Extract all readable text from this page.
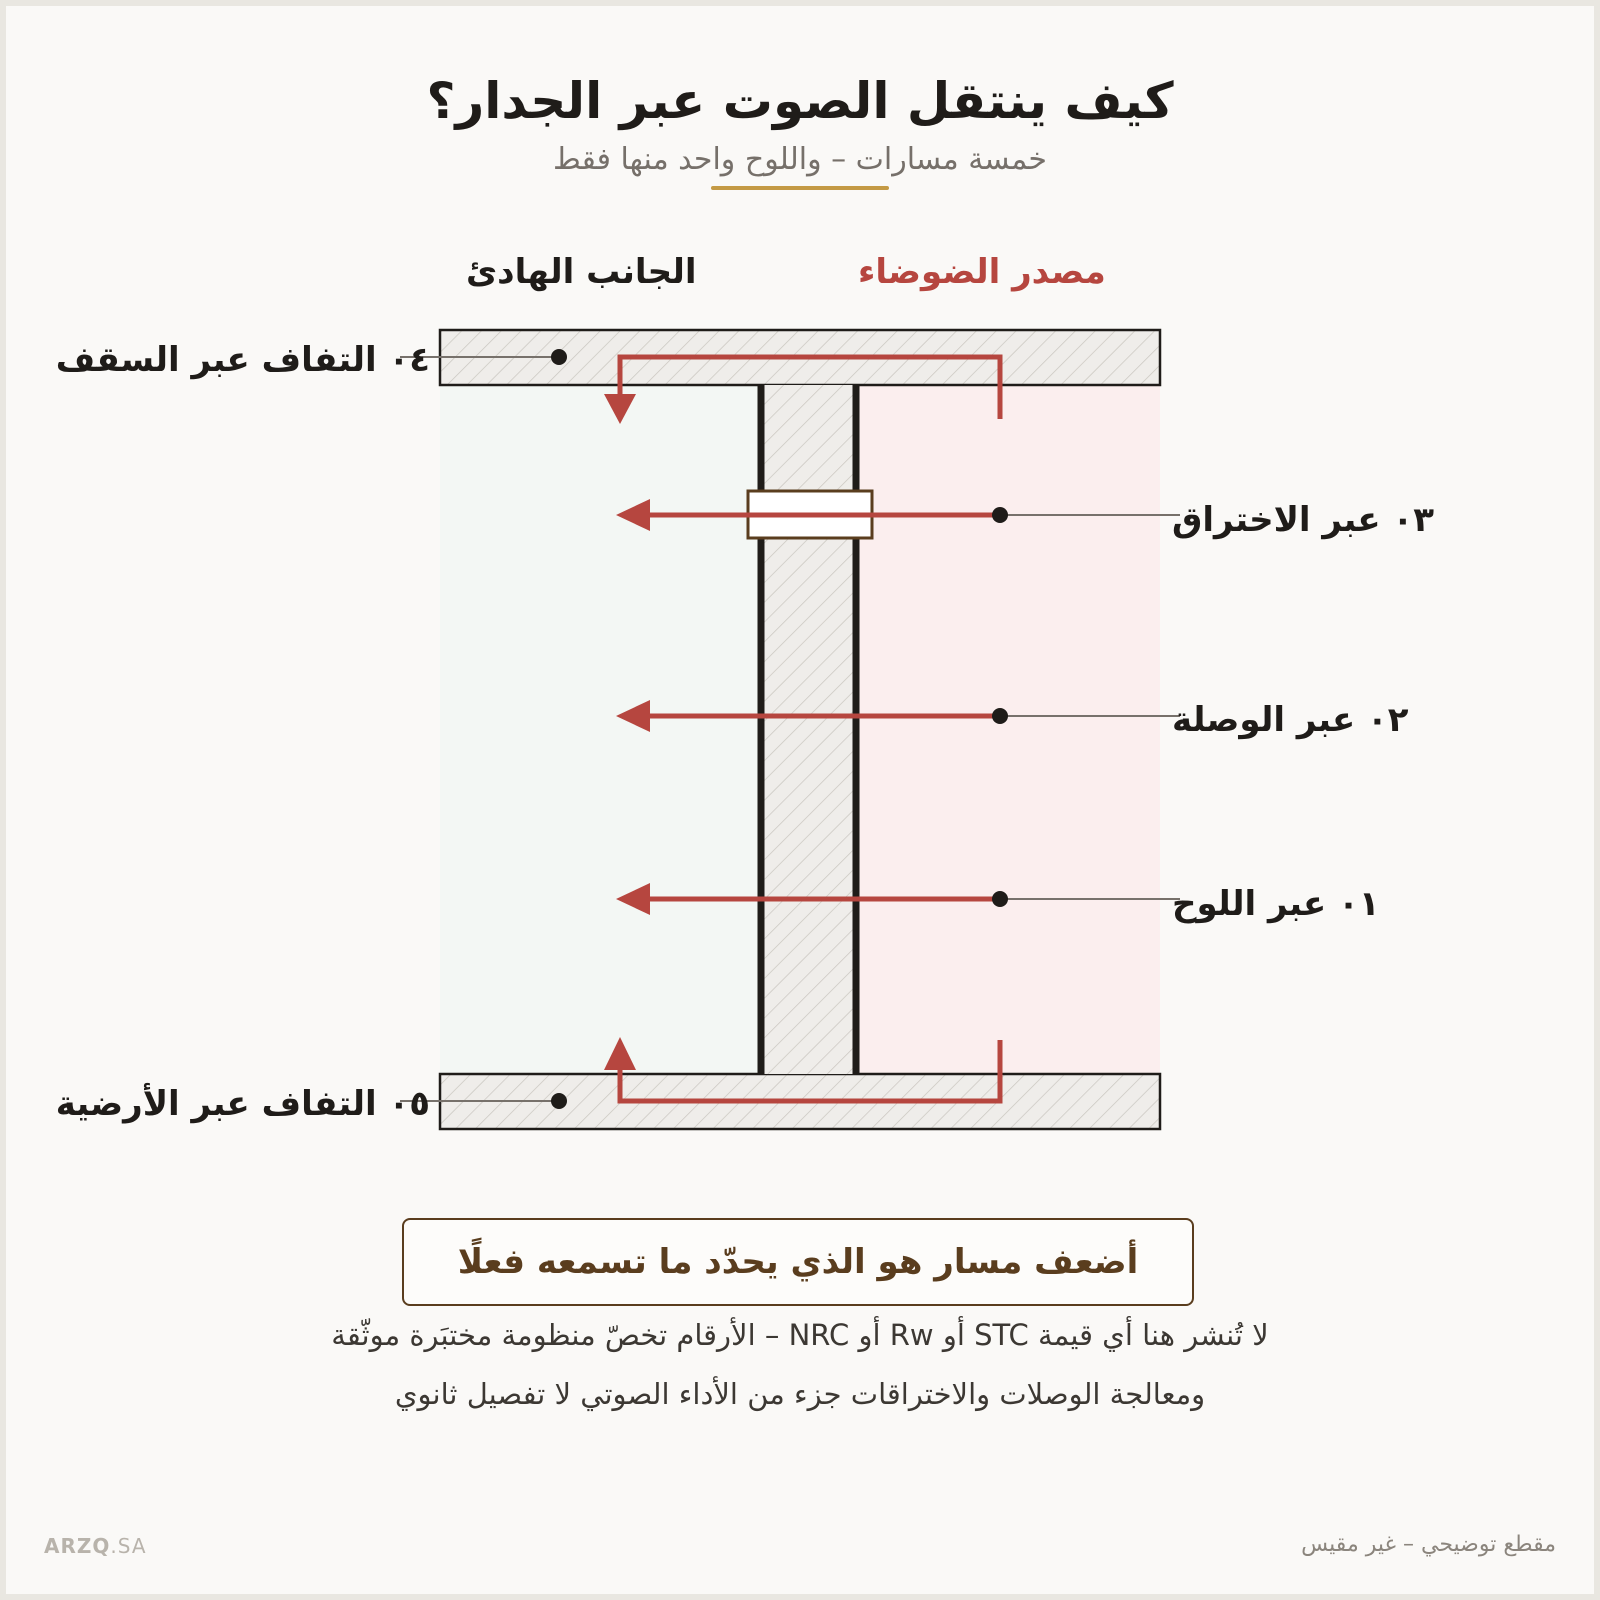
كيف ينتقل الصوت عبر الجدار؟
خمسة مسارات – واللوح واحد منها فقط
مصدر الضوضاء
الجانب الهادئ
٠٤ التفاف عبر السقف
٠٥ التفاف عبر الأرضية
٠٣ عبر الاختراق
٠٢ عبر الوصلة
٠١ عبر اللوح
أضعف مسار هو الذي يحدّد ما تسمعه فعلًا
لا تُنشر هنا أي قيمة STC أو Rw أو NRC – الأرقام تخصّ منظومة مختبَرة موثّقة
ومعالجة الوصلات والاختراقات جزء من الأداء الصوتي لا تفصيل ثانوي
ARZQ.SA	مقطع توضيحي – غير مقيس
